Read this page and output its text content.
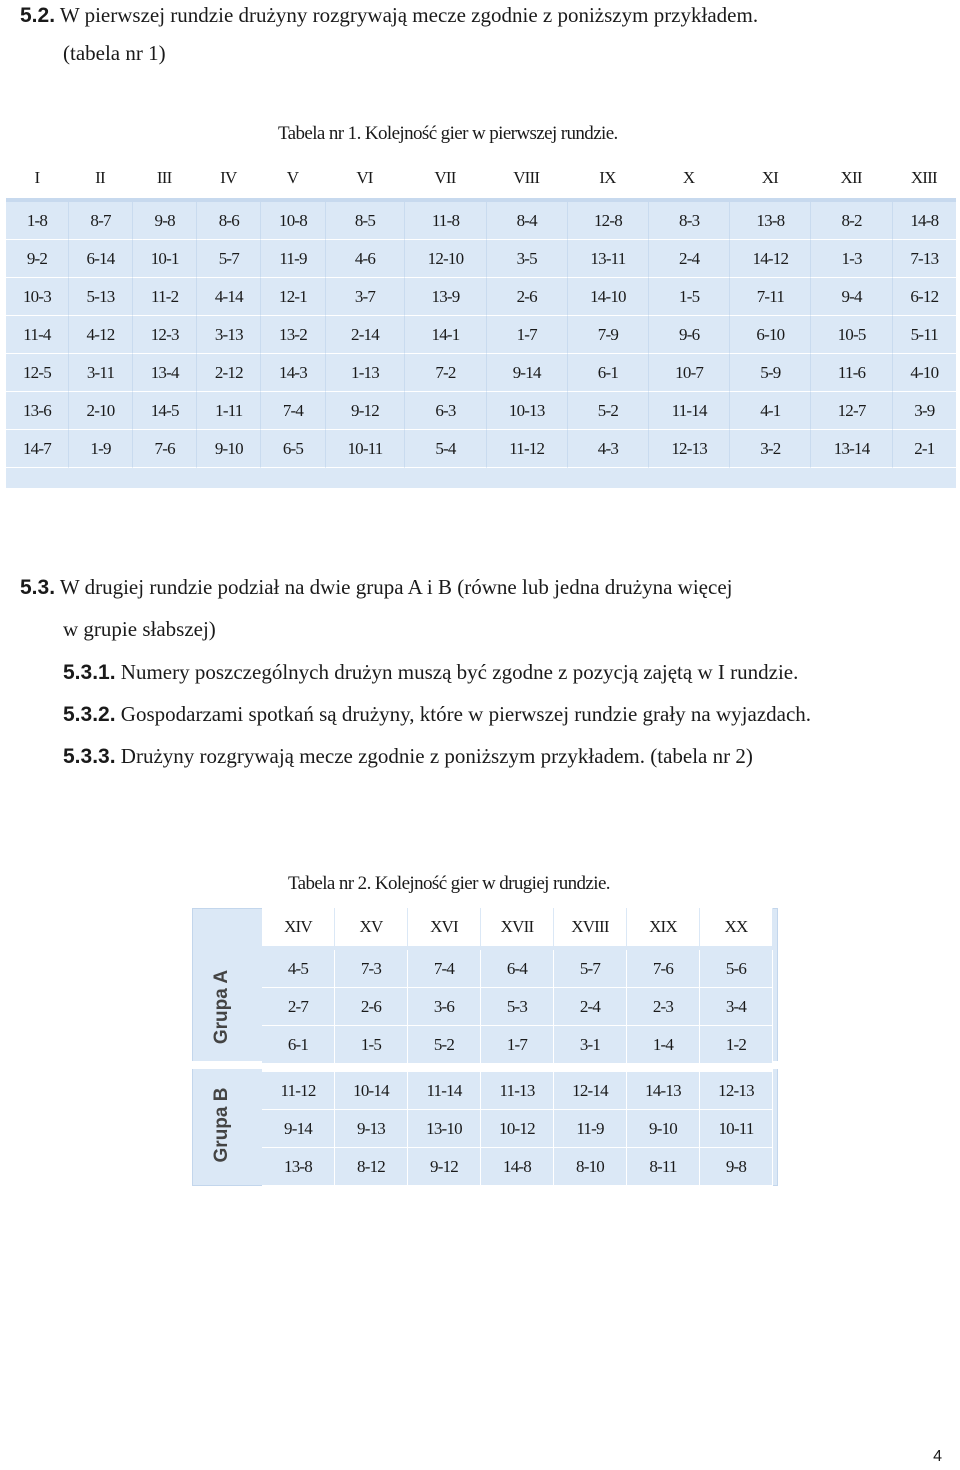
5.2. W pierwszej rundzie drużyny rozgrywają mecze zgodnie z poniższym przykładem.
(tabela nr 1)
Tabela nr 1. Kolejność gier w pierwszej rundzie.
I	II	III	IV	V	VI	VII	VIII	IX	X	XI	XII	XIII
1-8	8-7	9-8	8-6	10-8	8-5	11-8	8-4	12-8	8-3	13-8	8-2	14-8
9-2	6-14	10-1	5-7	11-9	4-6	12-10	3-5	13-11	2-4	14-12	1-3	7-13
10-3	5-13	11-2	4-14	12-1	3-7	13-9	2-6	14-10	1-5	7-11	9-4	6-12
11-4	4-12	12-3	3-13	13-2	2-14	14-1	1-7	7-9	9-6	6-10	10-5	5-11
12-5	3-11	13-4	2-12	14-3	1-13	7-2	9-14	6-1	10-7	5-9	11-6	4-10
13-6	2-10	14-5	1-11	7-4	9-12	6-3	10-13	5-2	11-14	4-1	12-7	3-9
14-7	1-9	7-6	9-10	6-5	10-11	5-4	11-12	4-3	12-13	3-2	13-14	2-1
5.3. W drugiej rundzie podział na dwie grupa A i B (równe lub jedna drużyna więcej
w grupie słabszej)
5.3.1. Numery poszczególnych drużyn muszą być zgodne z pozycją zajętą w I rundzie.
5.3.2. Gospodarzami spotkań są drużyny, które w pierwszej rundzie grały na wyjazdach.
5.3.3. Drużyny rozgrywają mecze zgodnie z poniższym przykładem. (tabela nr 2)
Tabela nr 2. Kolejność gier w drugiej rundzie.
Grupa A
Grupa B
XIV	XV	XVI	XVII	XVIII	XIX	XX

4-5	7-3	7-4	6-4	5-7	7-6	5-6
2-7	2-6	3-6	5-3	2-4	2-3	3-4
6-1	1-5	5-2	1-7	3-1	1-4	1-2

11-12	10-14	11-14	11-13	12-14	14-13	12-13
9-14	9-13	13-10	10-12	11-9	9-10	10-11
13-8	8-12	9-12	14-8	8-10	8-11	9-8
4
